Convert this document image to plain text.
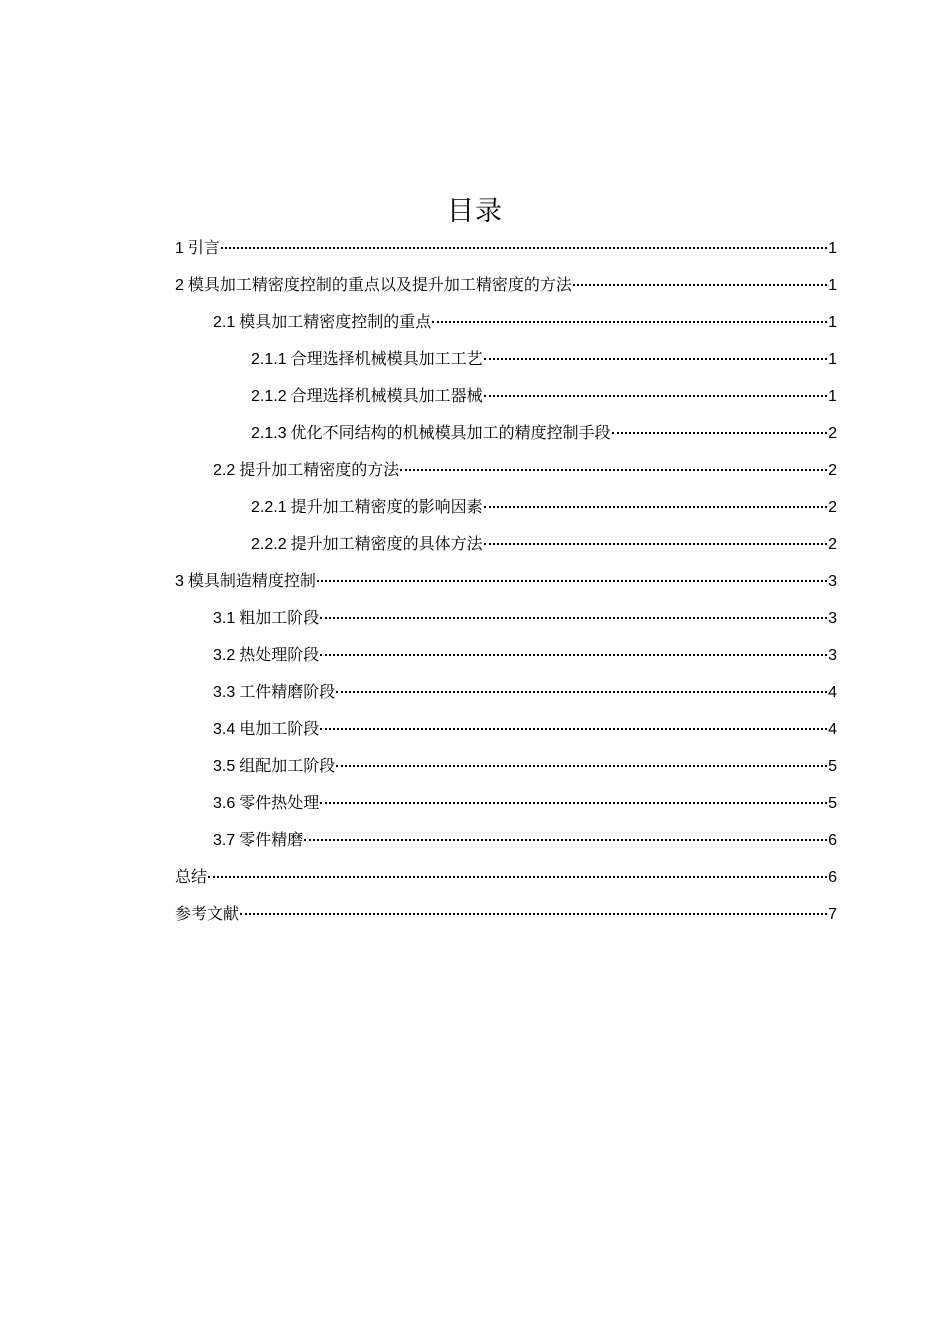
目录
1 引言	1
2 模具加工精密度控制的重点以及提升加工精密度的方法	1
2.1 模具加工精密度控制的重点	1
2.1.1 合理选择机械模具加工工艺	1
2.1.2 合理选择机械模具加工器械	1
2.1.3 优化不同结构的机械模具加工的精度控制手段	2
2.2 提升加工精密度的方法	2
2.2.1 提升加工精密度的影响因素	2
2.2.2 提升加工精密度的具体方法	2
3 模具制造精度控制	3
3.1 粗加工阶段	3
3.2 热处理阶段	3
3.3 工件精磨阶段	4
3.4 电加工阶段	4
3.5 组配加工阶段	5
3.6 零件热处理	5
3.7 零件精磨	6
总结	6
参考文献	7
